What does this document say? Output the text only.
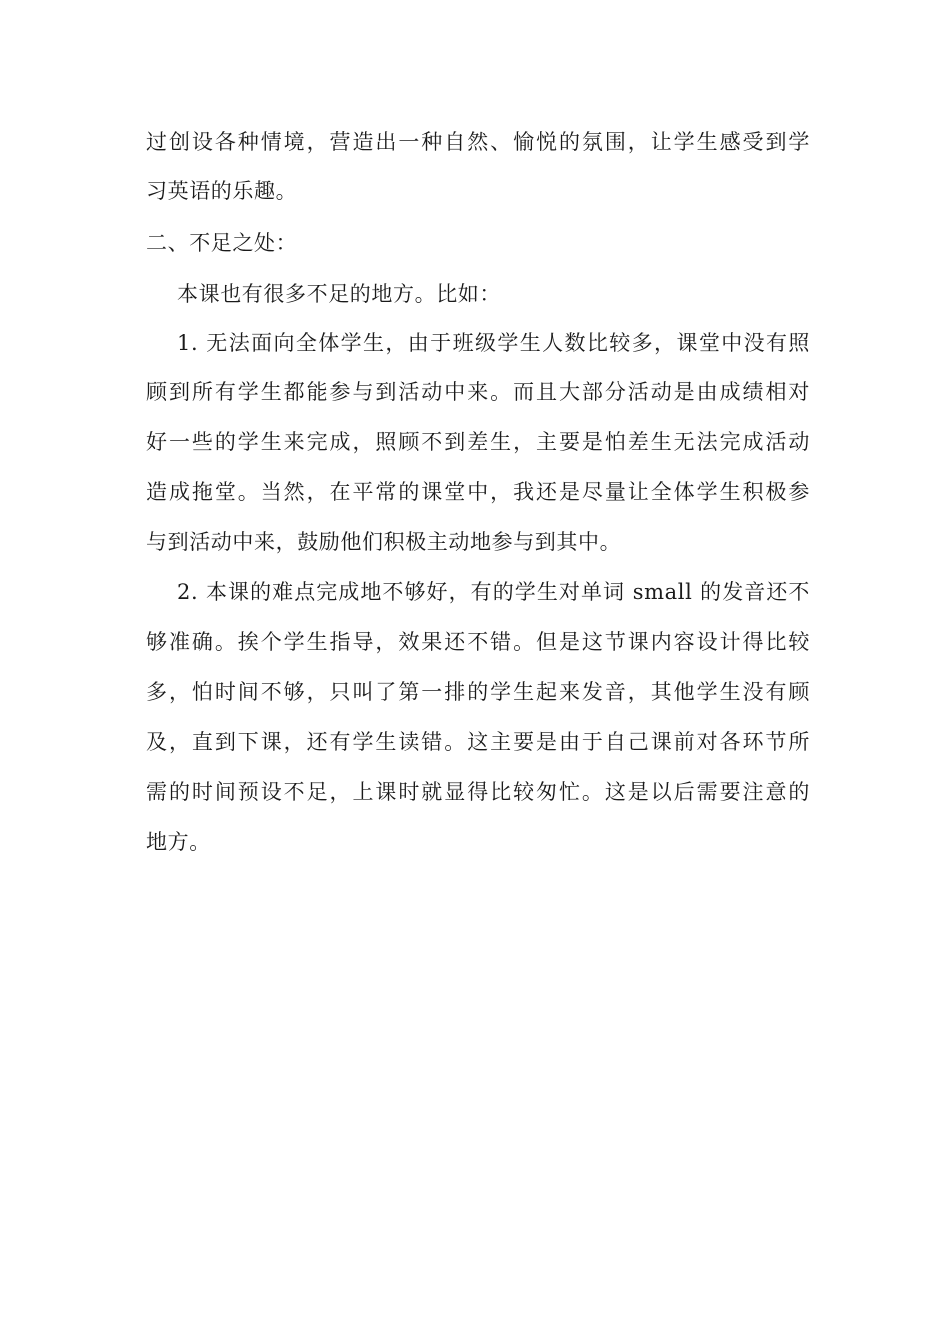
过创设各种情境，营造出一种自然、愉悦的氛围，让学生感受到学
习英语的乐趣。
二、不足之处：
本课也有很多不足的地方。比如：
1. 无法面向全体学生，由于班级学生人数比较多，课堂中没有照
顾到所有学生都能参与到活动中来。而且大部分活动是由成绩相对
好一些的学生来完成，照顾不到差生，主要是怕差生无法完成活动
造成拖堂。当然，在平常的课堂中，我还是尽量让全体学生积极参
与到活动中来，鼓励他们积极主动地参与到其中。
2. 本课的难点完成地不够好，有的学生对单词 small 的发音还不
够准确。挨个学生指导，效果还不错。但是这节课内容设计得比较
多，怕时间不够，只叫了第一排的学生起来发音，其他学生没有顾
及，直到下课，还有学生读错。这主要是由于自己课前对各环节所
需的时间预设不足，上课时就显得比较匆忙。这是以后需要注意的
地方。
